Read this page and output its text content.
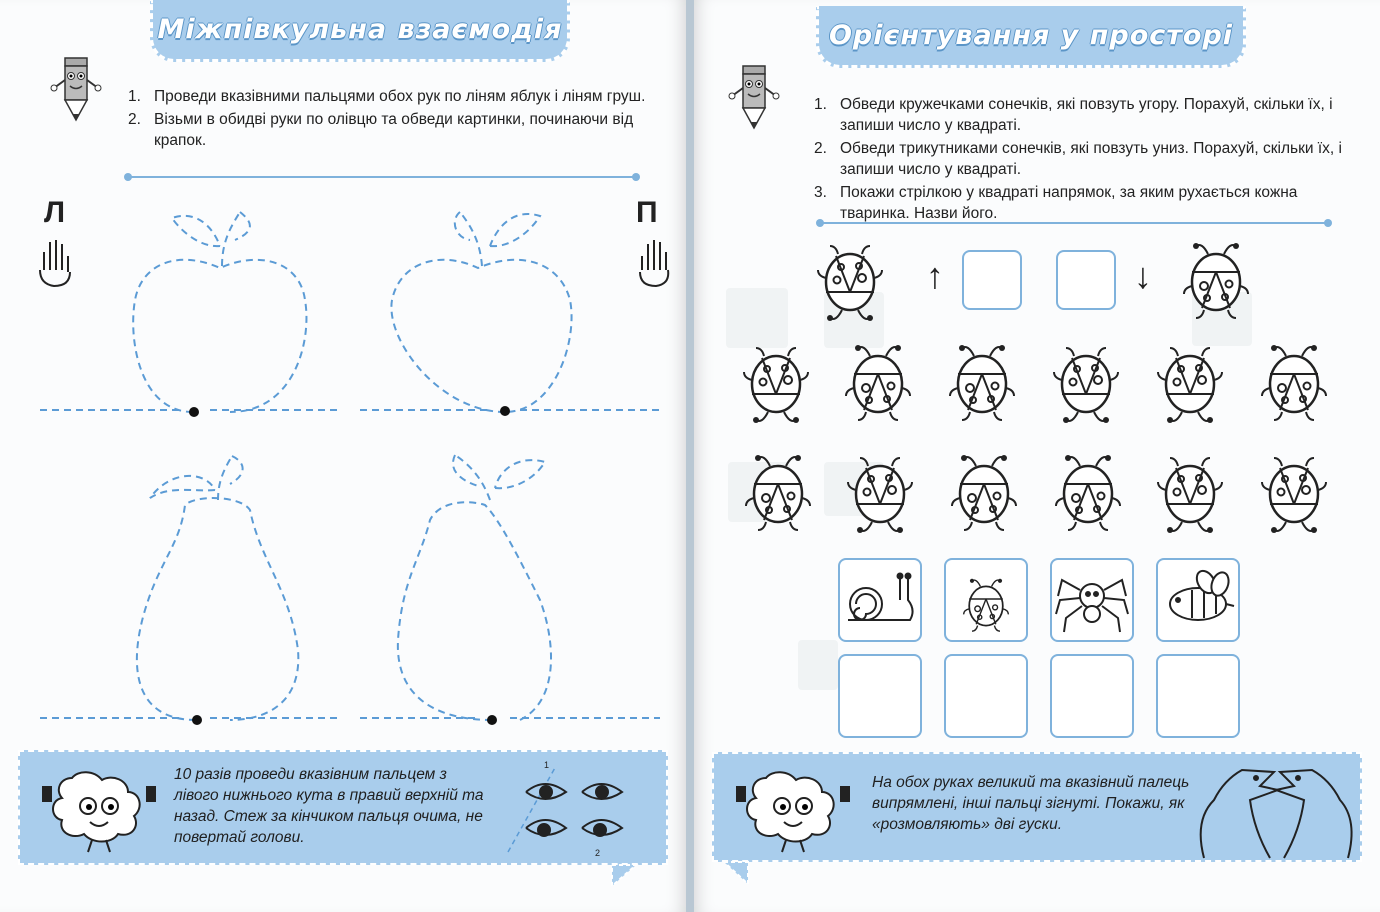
Міжпівкульна взаємодія
1. Проведи вказівними пальцями обох рук по ліням яблук і ліням груш.
2. Візьми в обидві руки по олівцю та обведи картинки, починаючи від крапок.
Л	П
10 разів проведи вказівним пальцем з лівого нижнього кута в правий верхній та назад. Стеж за кінчиком пальця очима, не повертай голови.
1
2
Орієнтування у просторі
1. Обведи кружечками сонечків, які повзуть угору. Порахуй, скільки їх, і запиши число у квадраті.
2. Обведи трикутниками сонечків, які повзуть униз. Порахуй, скільки їх, і запиши число у квадраті.
3. Покажи стрілкою у квадраті напрямок, за яким рухається кожна тваринка. Назви його.
↑	↓
На обох руках великий та вказівний палець випрямлені, інші пальці зігнуті. Покажи, як «розмовляють» дві гуски.
